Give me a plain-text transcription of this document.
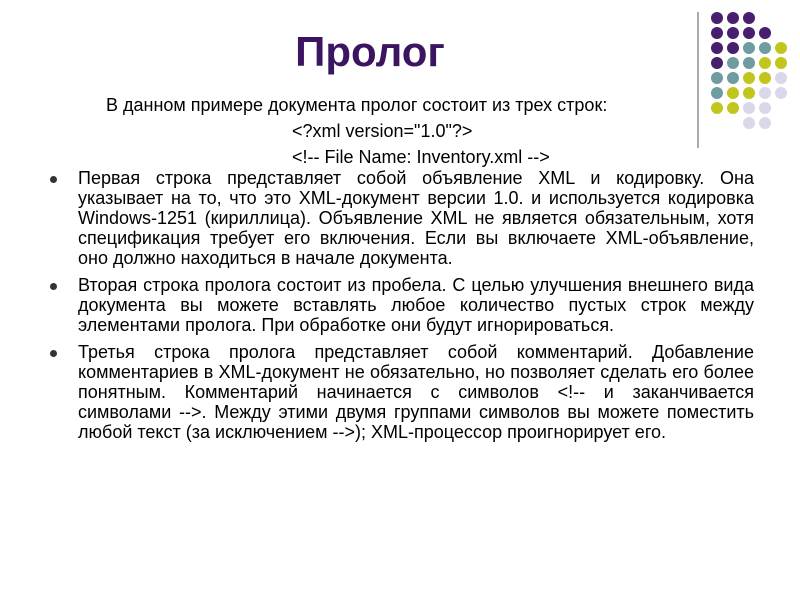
Пролог
В данном примере документа пролог состоит из трех строк:
<?xml version="1.0"?>
<!-- File Name: Inventory.xml -->
Первая строка представляет собой объявление XML и кодировку. Она указывает на то, что это XML-документ версии 1.0. и используется кодировка Windows-1251 (кириллица). Объявление XML не является обязательным, хотя спецификация требует его включения. Если вы включаете XML-объявление, оно должно находиться в начале документа.
Вторая строка пролога состоит из пробела. С целью улучшения внешнего вида документа вы можете вставлять любое количество пустых строк между элементами пролога. При обработке они будут игнорироваться.
Третья строка пролога представляет собой комментарий. Добавление комментариев в XML-документ не обязательно, но позволяет сделать его более понятным. Комментарий начинается с символов <!-- и заканчивается символами -->. Между этими двумя группами символов вы можете поместить любой текст (за исключением -->); XML-процессор проигнорирует его.
